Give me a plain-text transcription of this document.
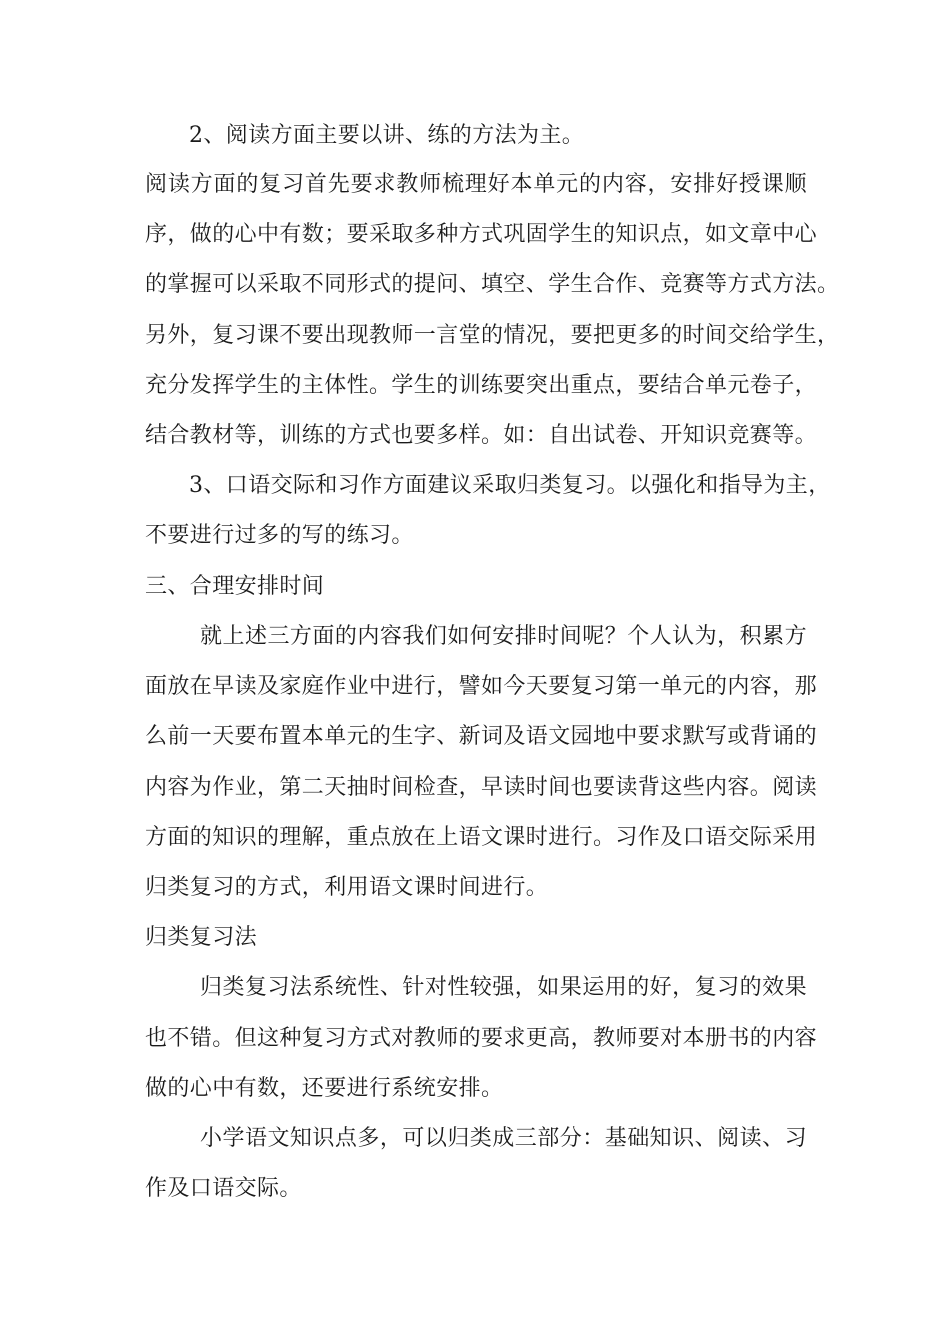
2、阅读方面主要以讲、练的方法为主。
阅读方面的复习首先要求教师梳理好本单元的内容，安排好授课顺
序，做的心中有数；要采取多种方式巩固学生的知识点，如文章中心
的掌握可以采取不同形式的提问、填空、学生合作、竞赛等方式方法。
另外，复习课不要出现教师一言堂的情况，要把更多的时间交给学生，
充分发挥学生的主体性。学生的训练要突出重点，要结合单元卷子，
结合教材等，训练的方式也要多样。如：自出试卷、开知识竞赛等。
3、口语交际和习作方面建议采取归类复习。以强化和指导为主，
不要进行过多的写的练习。
三、合理安排时间
就上述三方面的内容我们如何安排时间呢？个人认为，积累方
面放在早读及家庭作业中进行，譬如今天要复习第一单元的内容，那
么前一天要布置本单元的生字、新词及语文园地中要求默写或背诵的
内容为作业，第二天抽时间检查，早读时间也要读背这些内容。阅读
方面的知识的理解，重点放在上语文课时进行。习作及口语交际采用
归类复习的方式，利用语文课时间进行。
归类复习法
归类复习法系统性、针对性较强，如果运用的好，复习的效果
也不错。但这种复习方式对教师的要求更高，教师要对本册书的内容
做的心中有数，还要进行系统安排。
小学语文知识点多，可以归类成三部分：基础知识、阅读、习
作及口语交际。
